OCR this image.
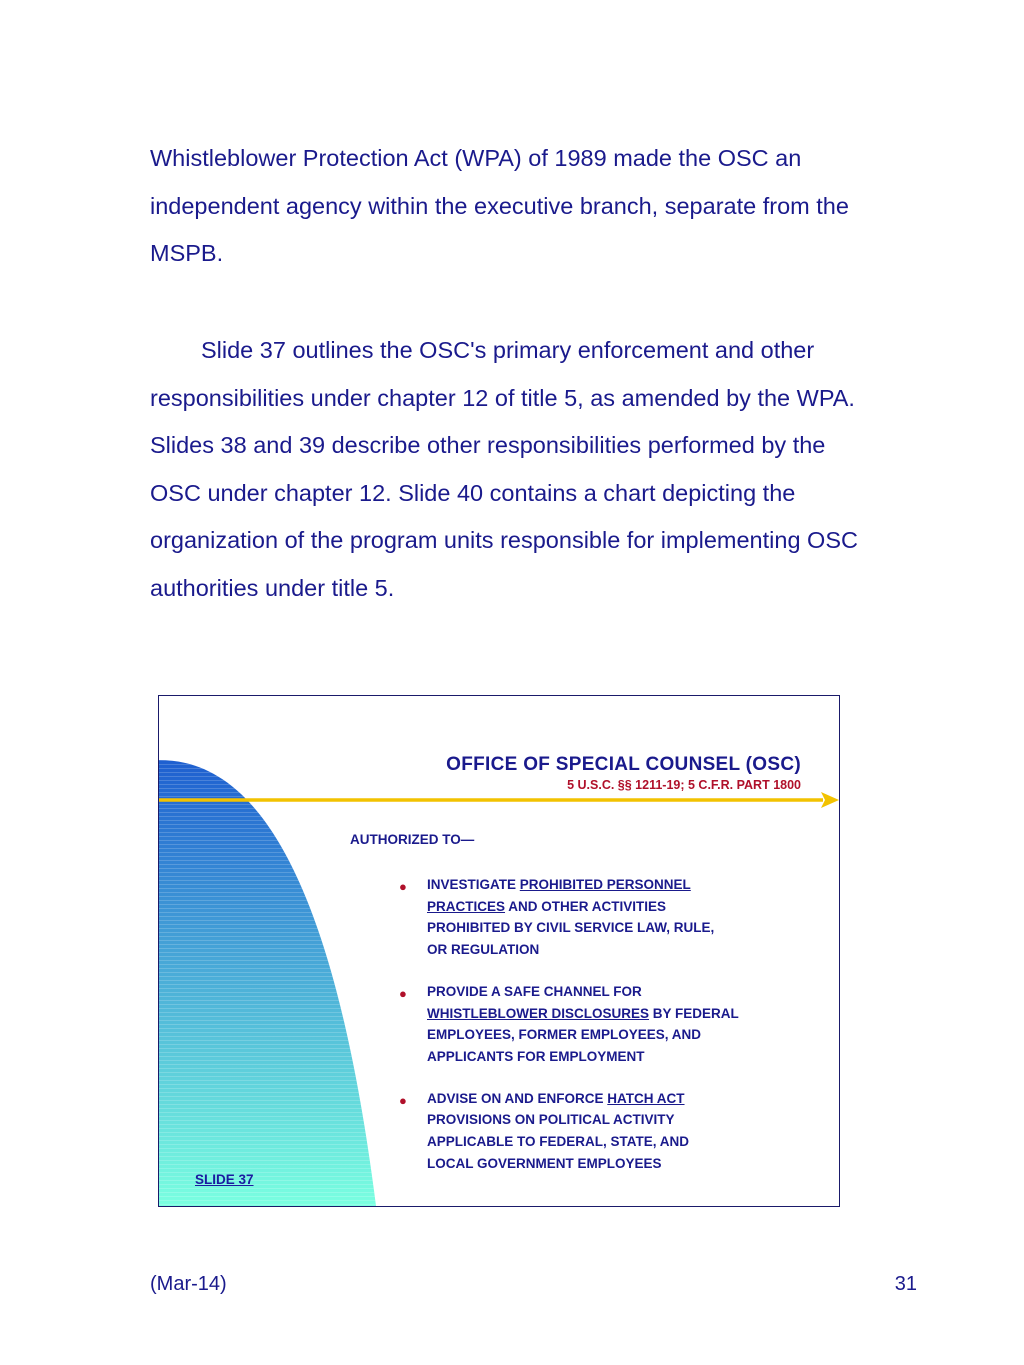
Whistleblower Protection Act (WPA) of 1989 made the OSC an independent agency within the executive branch, separate from the MSPB.

Slide 37 outlines the OSC's primary enforcement and other responsibilities under chapter 12 of title 5, as amended by the WPA. Slides 38 and 39 describe other responsibilities performed by the OSC under chapter 12. Slide 40 contains a chart depicting the organization of the program units responsible for implementing OSC authorities under title 5.

OFFICE OF SPECIAL COUNSEL (OSC)
5 U.S.C. §§ 1211-19; 5 C.F.R. PART 1800
AUTHORIZED TO—
● INVESTIGATE PROHIBITED PERSONNEL
PRACTICES AND OTHER ACTIVITIES
PROHIBITED BY CIVIL SERVICE LAW, RULE,
OR REGULATION
● PROVIDE A SAFE CHANNEL FOR
WHISTLEBLOWER DISCLOSURES BY FEDERAL
EMPLOYEES, FORMER EMPLOYEES, AND
APPLICANTS FOR EMPLOYMENT
● ADVISE ON AND ENFORCE HATCH ACT
PROVISIONS ON POLITICAL ACTIVITY
APPLICABLE TO FEDERAL, STATE, AND
LOCAL GOVERNMENT EMPLOYEES
SLIDE 37
(Mar-14)	31
